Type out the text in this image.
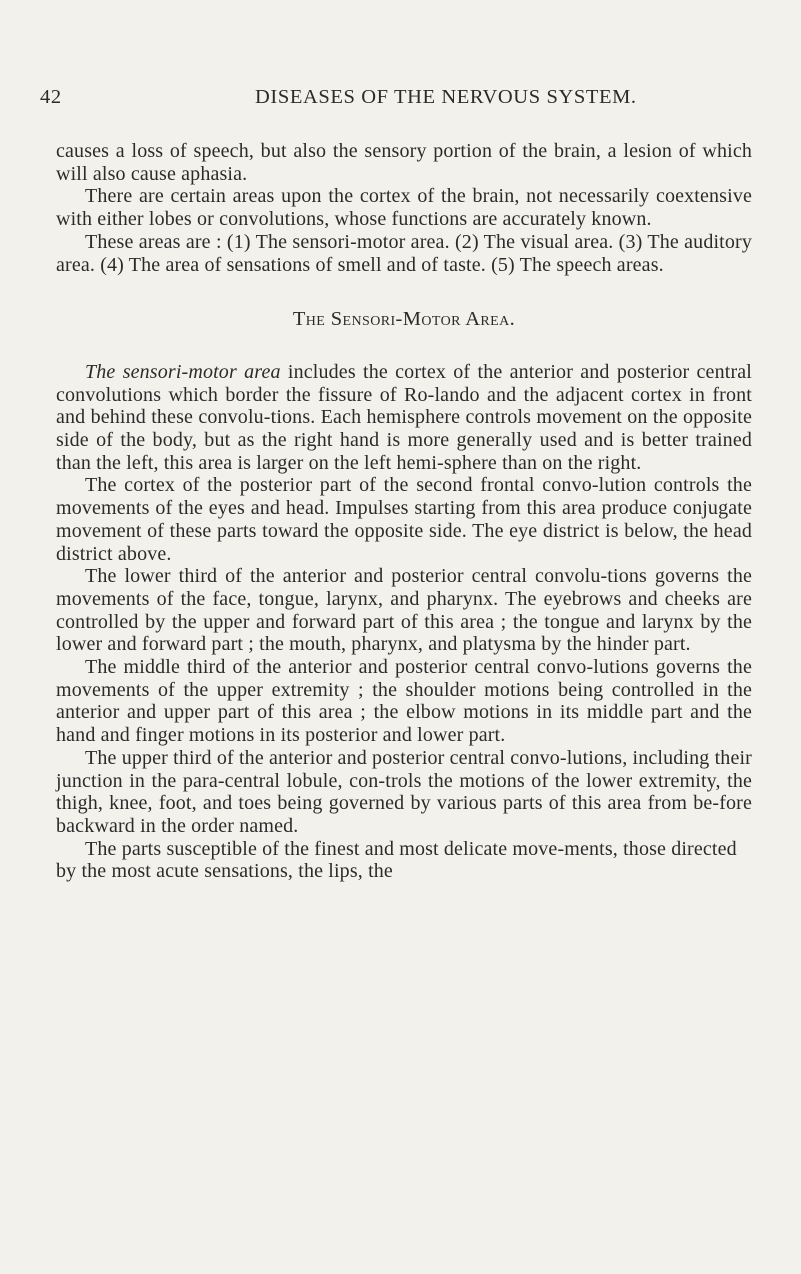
42	DISEASES OF THE NERVOUS SYSTEM.

causes a loss of speech, but also the sensory portion of the brain, a lesion of which will also cause aphasia.

There are certain areas upon the cortex of the brain, not necessarily coextensive with either lobes or convolutions, whose functions are accurately known.

These areas are : (1) The sensori-motor area. (2) The visual area. (3) The auditory area. (4) The area of sensations of smell and of taste. (5) The speech areas.

The Sensori-Motor Area.

The sensori-motor area includes the cortex of the anterior and posterior central convolutions which border the fissure of Ro-lando and the adjacent cortex in front and behind these convolu-tions. Each hemisphere controls movement on the opposite side of the body, but as the right hand is more generally used and is better trained than the left, this area is larger on the left hemi-sphere than on the right.

The cortex of the posterior part of the second frontal convo-lution controls the movements of the eyes and head. Impulses starting from this area produce conjugate movement of these parts toward the opposite side. The eye district is below, the head district above.

The lower third of the anterior and posterior central convolu-tions governs the movements of the face, tongue, larynx, and pharynx. The eyebrows and cheeks are controlled by the upper and forward part of this area ; the tongue and larynx by the lower and forward part ; the mouth, pharynx, and platysma by the hinder part.

The middle third of the anterior and posterior central convo-lutions governs the movements of the upper extremity ; the shoulder motions being controlled in the anterior and upper part of this area ; the elbow motions in its middle part and the hand and finger motions in its posterior and lower part.

The upper third of the anterior and posterior central convo-lutions, including their junction in the para-central lobule, con-trols the motions of the lower extremity, the thigh, knee, foot, and toes being governed by various parts of this area from be-fore backward in the order named.

The parts susceptible of the finest and most delicate move-ments, those directed by the most acute sensations, the lips, the
